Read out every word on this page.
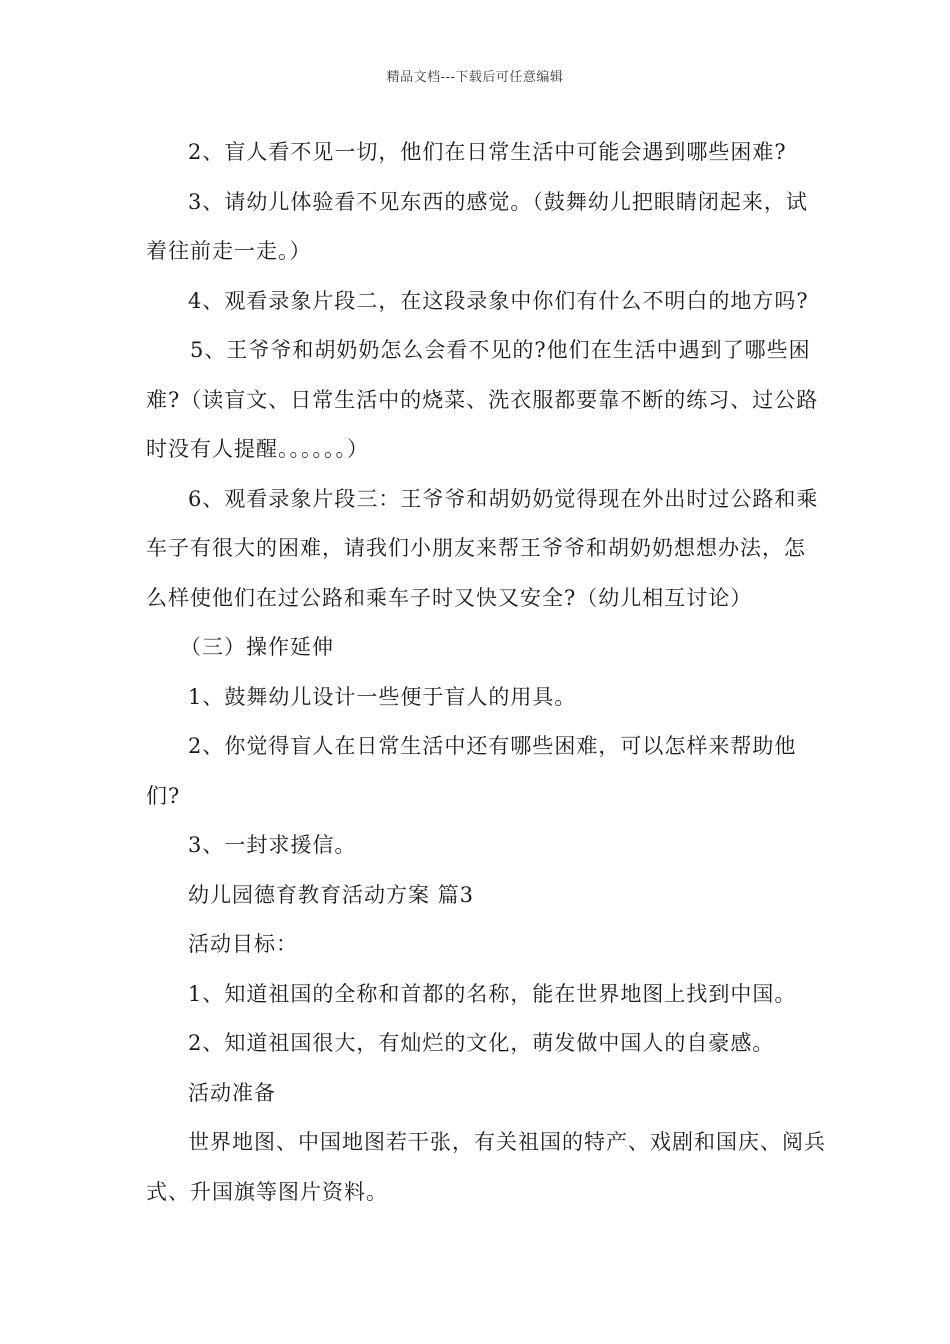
精品文档---下载后可任意编辑

2、盲人看不见一切，他们在日常生活中可能会遇到哪些困难?

3、请幼儿体验看不见东西的感觉。（鼓舞幼儿把眼睛闭起来，试着往前走一走。）

4、观看录象片段二，在这段录象中你们有什么不明白的地方吗?

5、王爷爷和胡奶奶怎么会看不见的?他们在生活中遇到了哪些困难?（读盲文、日常生活中的烧菜、洗衣服都要靠不断的练习、过公路时没有人提醒。。。。。。）

6、观看录象片段三：王爷爷和胡奶奶觉得现在外出时过公路和乘车子有很大的困难，请我们小朋友来帮王爷爷和胡奶奶想想办法，怎么样使他们在过公路和乘车子时又快又安全?（幼儿相互讨论）

（三）操作延伸

1、鼓舞幼儿设计一些便于盲人的用具。

2、你觉得盲人在日常生活中还有哪些困难，可以怎样来帮助他们?

3、一封求援信。

幼儿园德育教育活动方案 篇3

活动目标：

1、知道祖国的全称和首都的名称，能在世界地图上找到中国。

2、知道祖国很大，有灿烂的文化，萌发做中国人的自豪感。

活动准备

世界地图、中国地图若干张，有关祖国的特产、戏剧和国庆、阅兵式、升国旗等图片资料。
